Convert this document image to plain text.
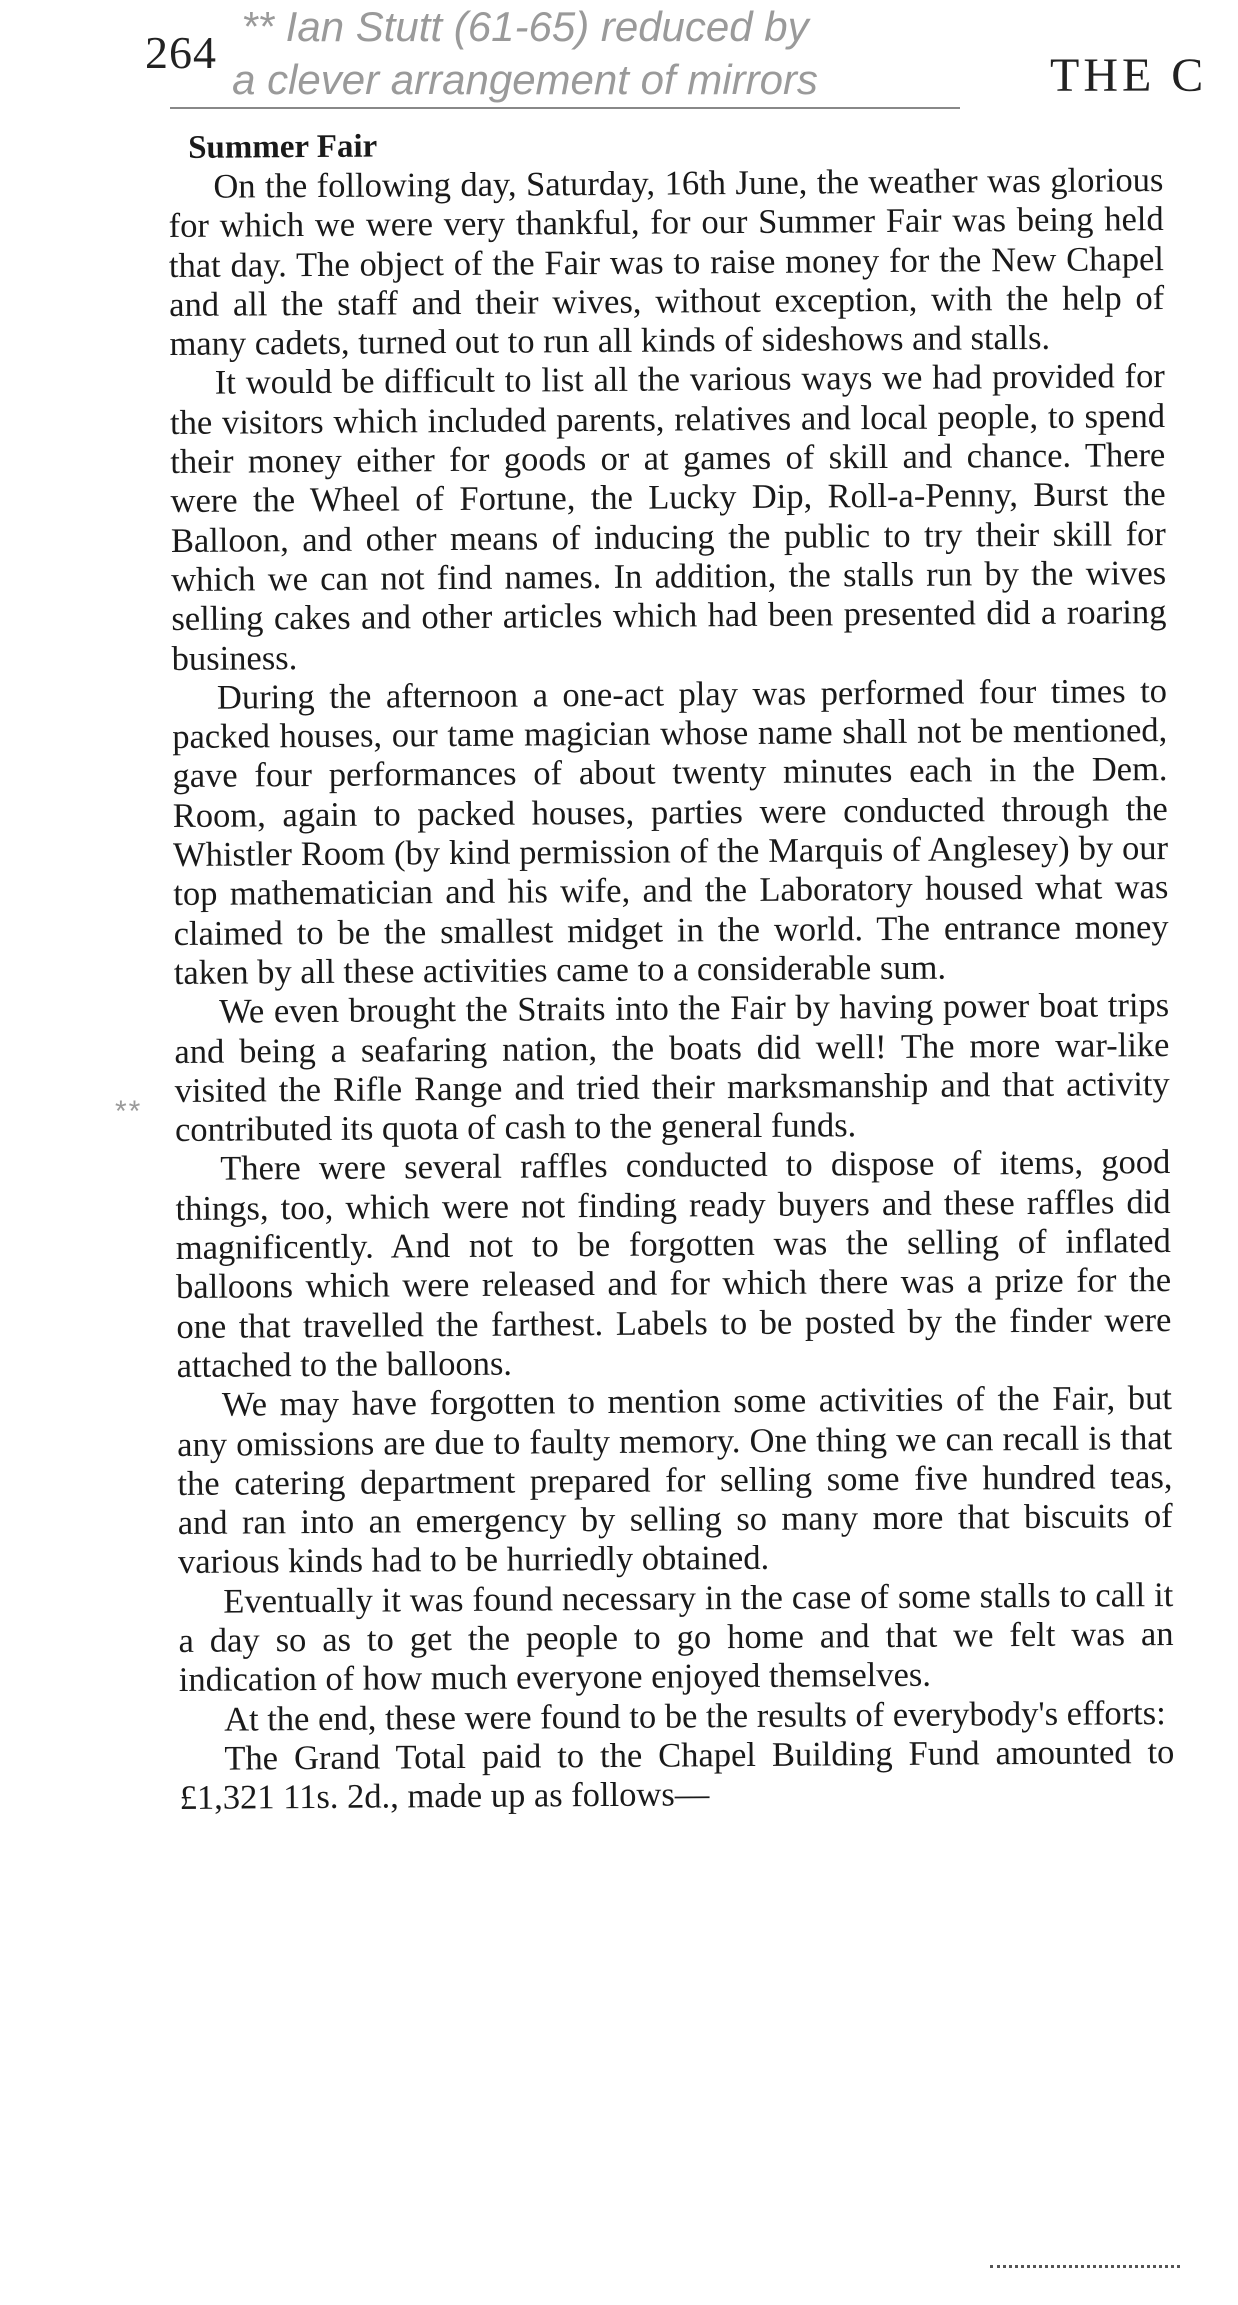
264
** Ian Stutt (61-65) reduced by a clever arrangement of mirrors	THE C
**
Summer Fair

On the following day, Saturday, 16th June, the weather was glorious for which we were very thankful, for our Summer Fair was being held that day. The object of the Fair was to raise money for the New Chapel and all the staff and their wives, without exception, with the help of many cadets, turned out to run all kinds of sideshows and stalls.

It would be difficult to list all the various ways we had provided for the visitors which included parents, relatives and local people, to spend their money either for goods or at games of skill and chance. There were the Wheel of Fortune, the Lucky Dip, Roll-a-Penny, Burst the Balloon, and other means of inducing the public to try their skill for which we can not find names. In addition, the stalls run by the wives selling cakes and other articles which had been presented did a roaring business.

During the afternoon a one-act play was performed four times to packed houses, our tame magician whose name shall not be mentioned, gave four performances of about twenty minutes each in the Dem. Room, again to packed houses, parties were conducted through the Whistler Room (by kind permission of the Marquis of Anglesey) by our top mathematician and his wife, and the Laboratory housed what was claimed to be the smallest midget in the world. The entrance money taken by all these activities came to a considerable sum.

We even brought the Straits into the Fair by having power boat trips and being a seafaring nation, the boats did well! The more war-like visited the Rifle Range and tried their marksmanship and that activity contributed its quota of cash to the general funds.

There were several raffles conducted to dispose of items, good things, too, which were not finding ready buyers and these raffles did magnificently. And not to be forgotten was the selling of inflated balloons which were released and for which there was a prize for the one that travelled the farthest. Labels to be posted by the finder were attached to the balloons.

We may have forgotten to mention some activities of the Fair, but any omissions are due to faulty memory. One thing we can recall is that the catering department prepared for selling some five hundred teas, and ran into an emergency by selling so many more that biscuits of various kinds had to be hurriedly obtained.

Eventually it was found necessary in the case of some stalls to call it a day so as to get the people to go home and that we felt was an indication of how much everyone enjoyed themselves.

At the end, these were found to be the results of everybody's efforts:

The Grand Total paid to the Chapel Building Fund amounted to £1,321 11s. 2d., made up as follows—
